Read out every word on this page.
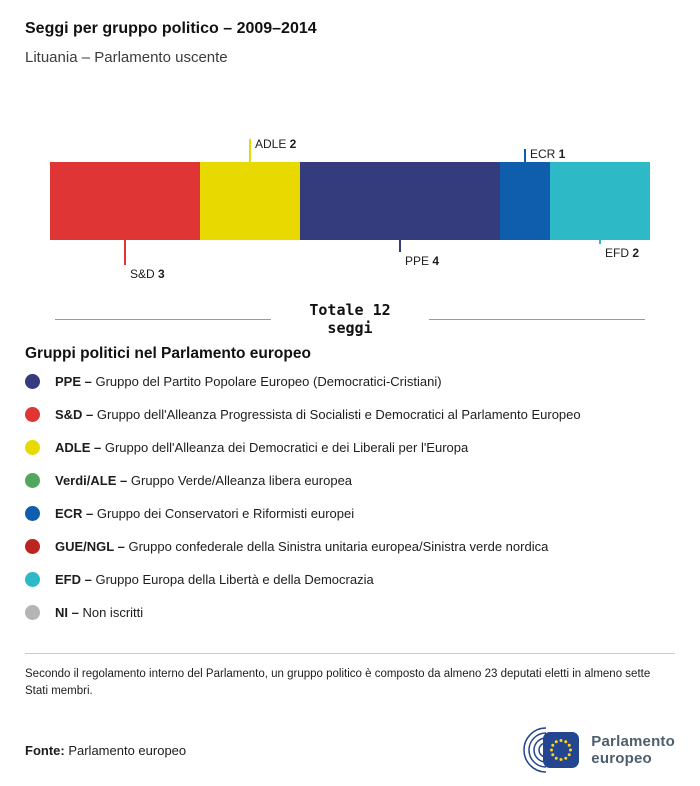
Seggi per gruppo politico – 2009–2014
Lituania – Parlamento uscente
S&D 3
ADLE 2
PPE 4
ECR 1
EFD 2
Totale 12 seggi
Gruppi politici nel Parlamento europeo
PPE – Gruppo del Partito Popolare Europeo (Democratici-Cristiani)
S&D – Gruppo dell'Alleanza Progressista di Socialisti e Democratici al Parlamento Europeo
ADLE – Gruppo dell'Alleanza dei Democratici e dei Liberali per l'Europa
Verdi/ALE – Gruppo Verde/Alleanza libera europea
ECR – Gruppo dei Conservatori e Riformisti europei
GUE/NGL – Gruppo confederale della Sinistra unitaria europea/Sinistra verde nordica
EFD – Gruppo Europa della Libertà e della Democrazia
NI – Non iscritti
Secondo il regolamento interno del Parlamento, un gruppo politico è composto da almeno 23 deputati eletti in almeno sette Stati membri.
Fonte: Parlamento europeo
Parlamento
europeo
